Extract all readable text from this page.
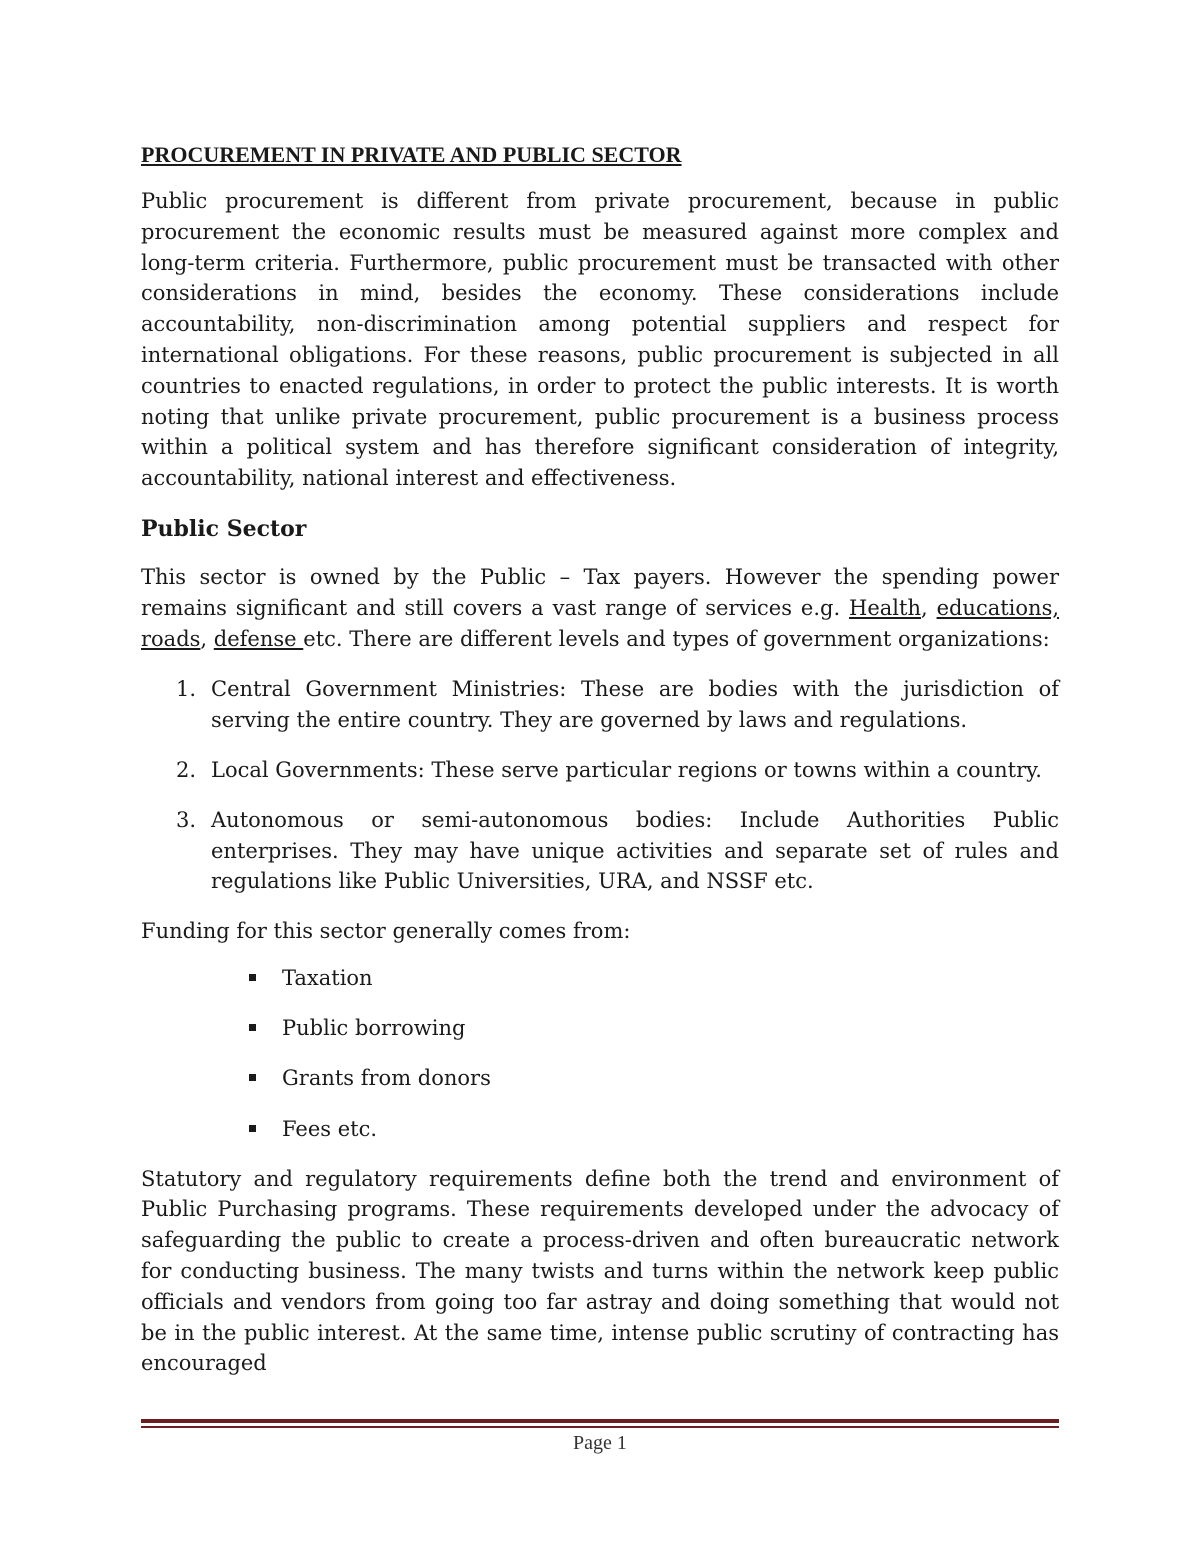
PROCUREMENT IN PRIVATE AND PUBLIC SECTOR

Public procurement is different from private procurement, because in public procurement the economic results must be measured against more complex and long-term criteria. Furthermore, public procurement must be transacted with other considerations in mind, besides the economy. These considerations include accountability, non-discrimination among potential suppliers and respect for international obligations. For these reasons, public procurement is subjected in all countries to enacted regulations, in order to protect the public interests. It is worth noting that unlike private procurement, public procurement is a business process within a political system and has therefore significant consideration of integrity, accountability, national interest and effectiveness.

Public Sector

This sector is owned by the Public – Tax payers. However the spending power remains significant and still covers a vast range of services e.g. Health, educations, roads, defense etc. There are different levels and types of government organizations:

1. Central Government Ministries: These are bodies with the jurisdiction of serving the entire country. They are governed by laws and regulations.
2. Local Governments: These serve particular regions or towns within a country.
3. Autonomous or semi-autonomous bodies: Include Authorities Public enterprises. They may have unique activities and separate set of rules and regulations like Public Universities, URA, and NSSF etc.

Funding for this sector generally comes from:

Taxation
Public borrowing
Grants from donors
Fees etc.

Statutory and regulatory requirements define both the trend and environment of Public Purchasing programs. These requirements developed under the advocacy of safeguarding the public to create a process-driven and often bureaucratic network for conducting business. The many twists and turns within the network keep public officials and vendors from going too far astray and doing something that would not be in the public interest. At the same time, intense public scrutiny of contracting has encouraged

Page 1
